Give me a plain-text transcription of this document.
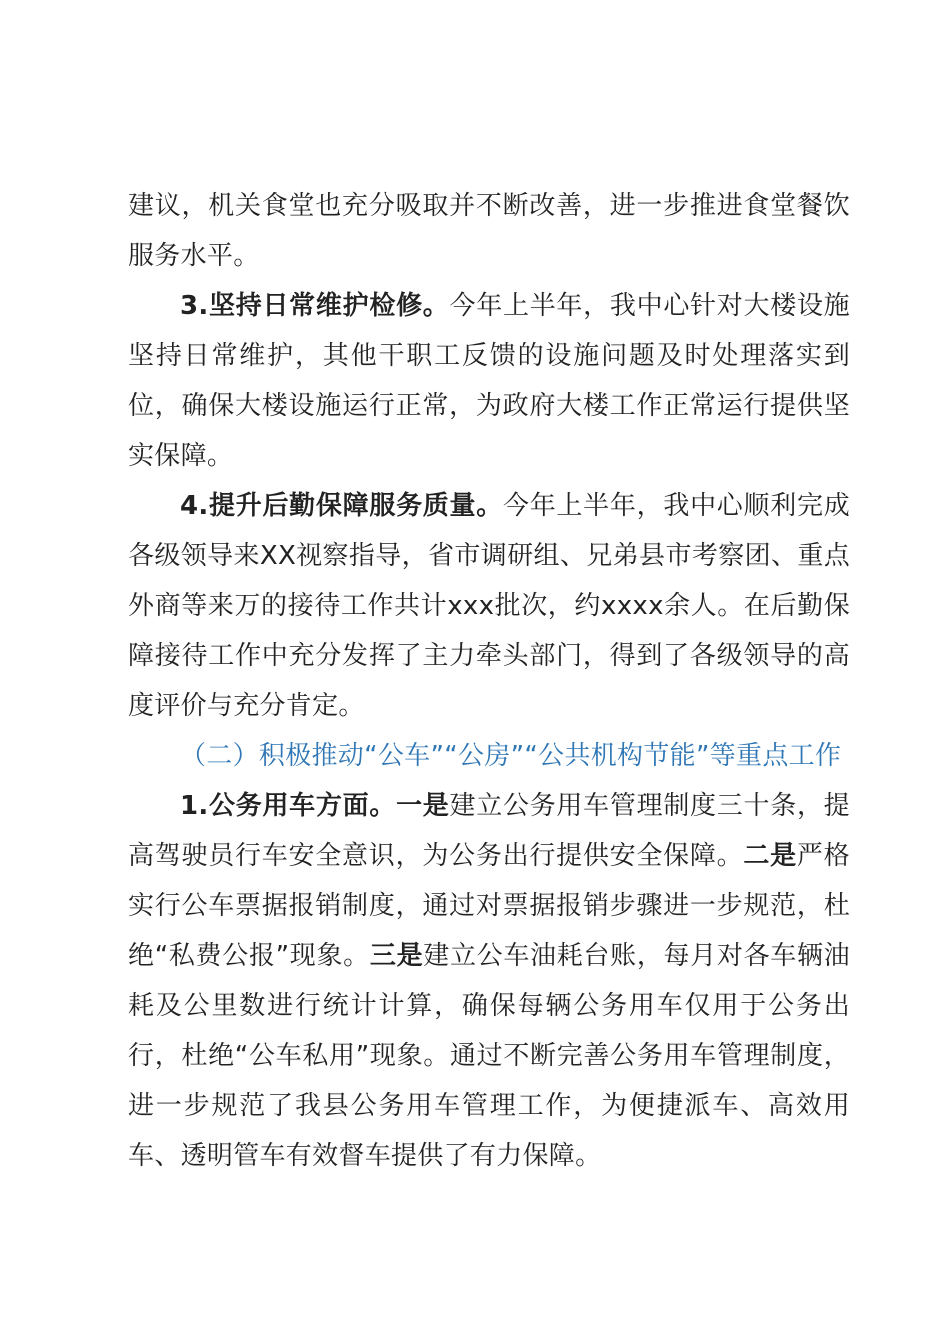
建议，机关食堂也充分吸取并不断改善，进一步推进食堂餐饮服务水平。

3.坚持日常维护检修。今年上半年，我中心针对大楼设施坚持日常维护，其他干职工反馈的设施问题及时处理落实到位，确保大楼设施运行正常，为政府大楼工作正常运行提供坚实保障。

4.提升后勤保障服务质量。今年上半年，我中心顺利完成各级领导来XX视察指导，省市调研组、兄弟县市考察团、重点外商等来万的接待工作共计xxx批次，约xxxx余人。在后勤保障接待工作中充分发挥了主力牵头部门，得到了各级领导的高度评价与充分肯定。

（二）积极推动“公车”“公房”“公共机构节能”等重点工作

1.公务用车方面。一是建立公务用车管理制度三十条，提高驾驶员行车安全意识，为公务出行提供安全保障。二是严格实行公车票据报销制度，通过对票据报销步骤进一步规范，杜绝“私费公报”现象。三是建立公车油耗台账，每月对各车辆油耗及公里数进行统计计算，确保每辆公务用车仅用于公务出行，杜绝“公车私用”现象。通过不断完善公务用车管理制度，进一步规范了我县公务用车管理工作，为便捷派车、高效用车、透明管车有效督车提供了有力保障。
